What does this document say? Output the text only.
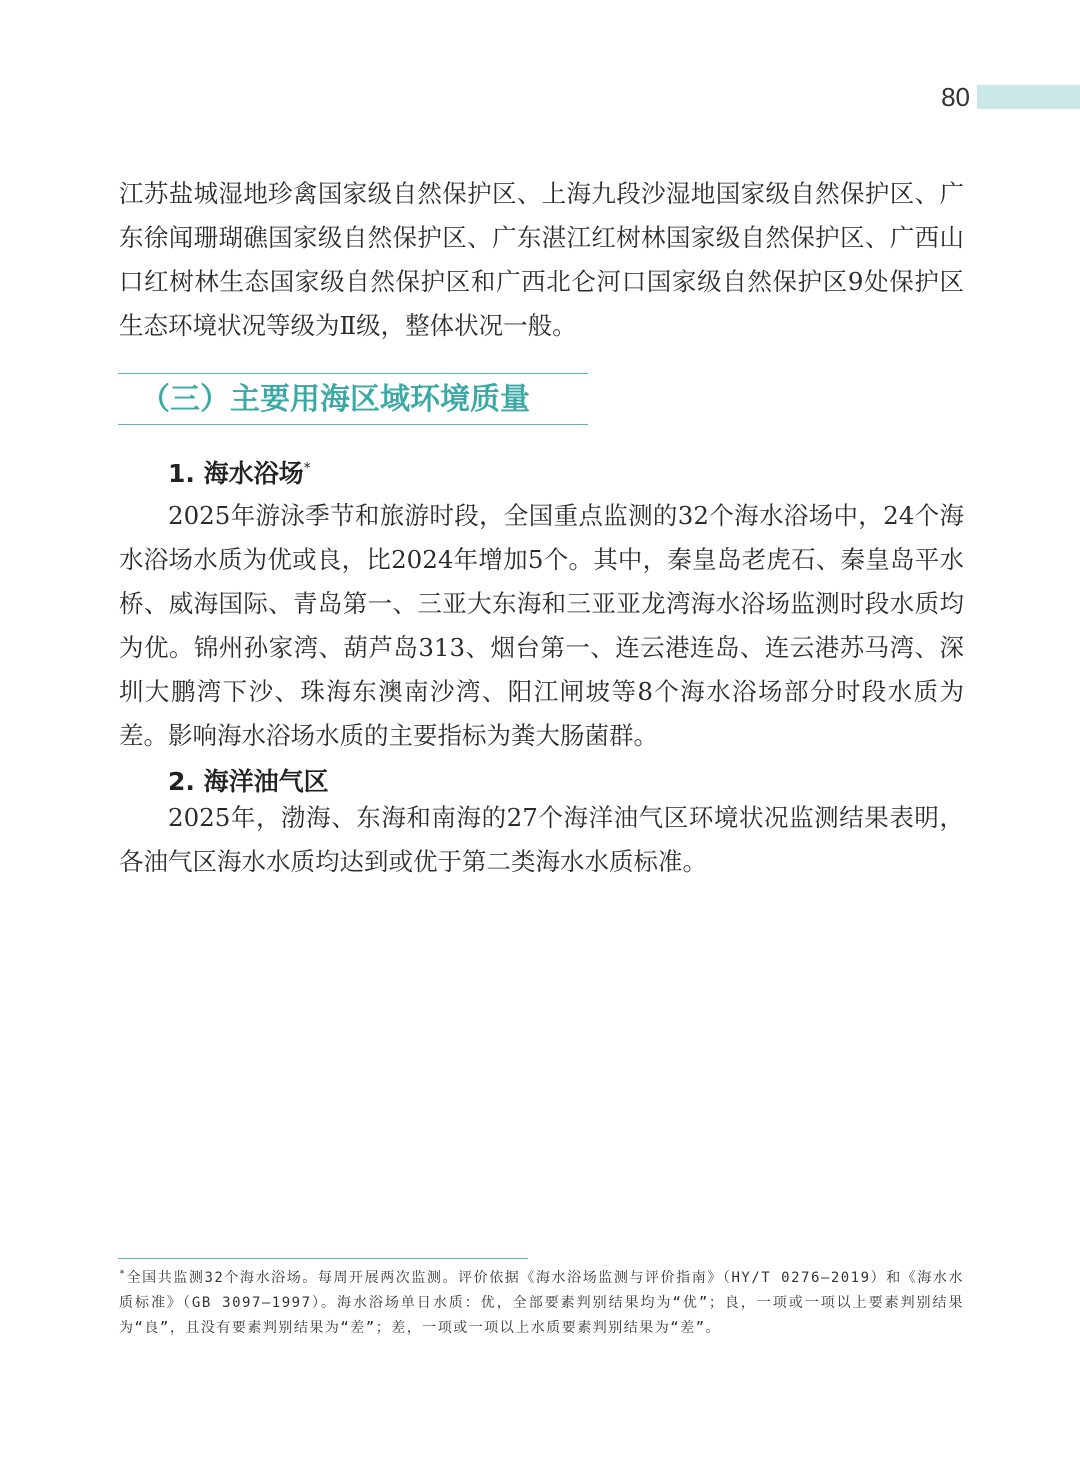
80

江苏盐城湿地珍禽国家级自然保护区、上海九段沙湿地国家级自然保护区、广东徐闻珊瑚礁国家级自然保护区、广东湛江红树林国家级自然保护区、广西山口红树林生态国家级自然保护区和广西北仑河口国家级自然保护区9处保护区生态环境状况等级为Ⅱ级，整体状况一般。

（三）主要用海区域环境质量
1. 海水浴场*

2025年游泳季节和旅游时段，全国重点监测的32个海水浴场中，24个海水浴场水质为优或良，比2024年增加5个。其中，秦皇岛老虎石、秦皇岛平水桥、威海国际、青岛第一、三亚大东海和三亚亚龙湾海水浴场监测时段水质均为优。锦州孙家湾、葫芦岛313、烟台第一、连云港连岛、连云港苏马湾、深圳大鹏湾下沙、珠海东澳南沙湾、阳江闸坡等8个海水浴场部分时段水质为差。影响海水浴场水质的主要指标为粪大肠菌群。

2. 海洋油气区

2025年，渤海、东海和南海的27个海洋油气区环境状况监测结果表明，各油气区海水水质均达到或优于第二类海水水质标准。

*全国共监测32个海水浴场。每周开展两次监测。评价依据《海水浴场监测与评价指南》（HY/T 0276—2019）和《海水水质标准》（GB 3097—1997）。海水浴场单日水质：优，全部要素判别结果均为“优”；良，一项或一项以上要素判别结果为“良”，且没有要素判别结果为“差”；差，一项或一项以上水质要素判别结果为“差”。
